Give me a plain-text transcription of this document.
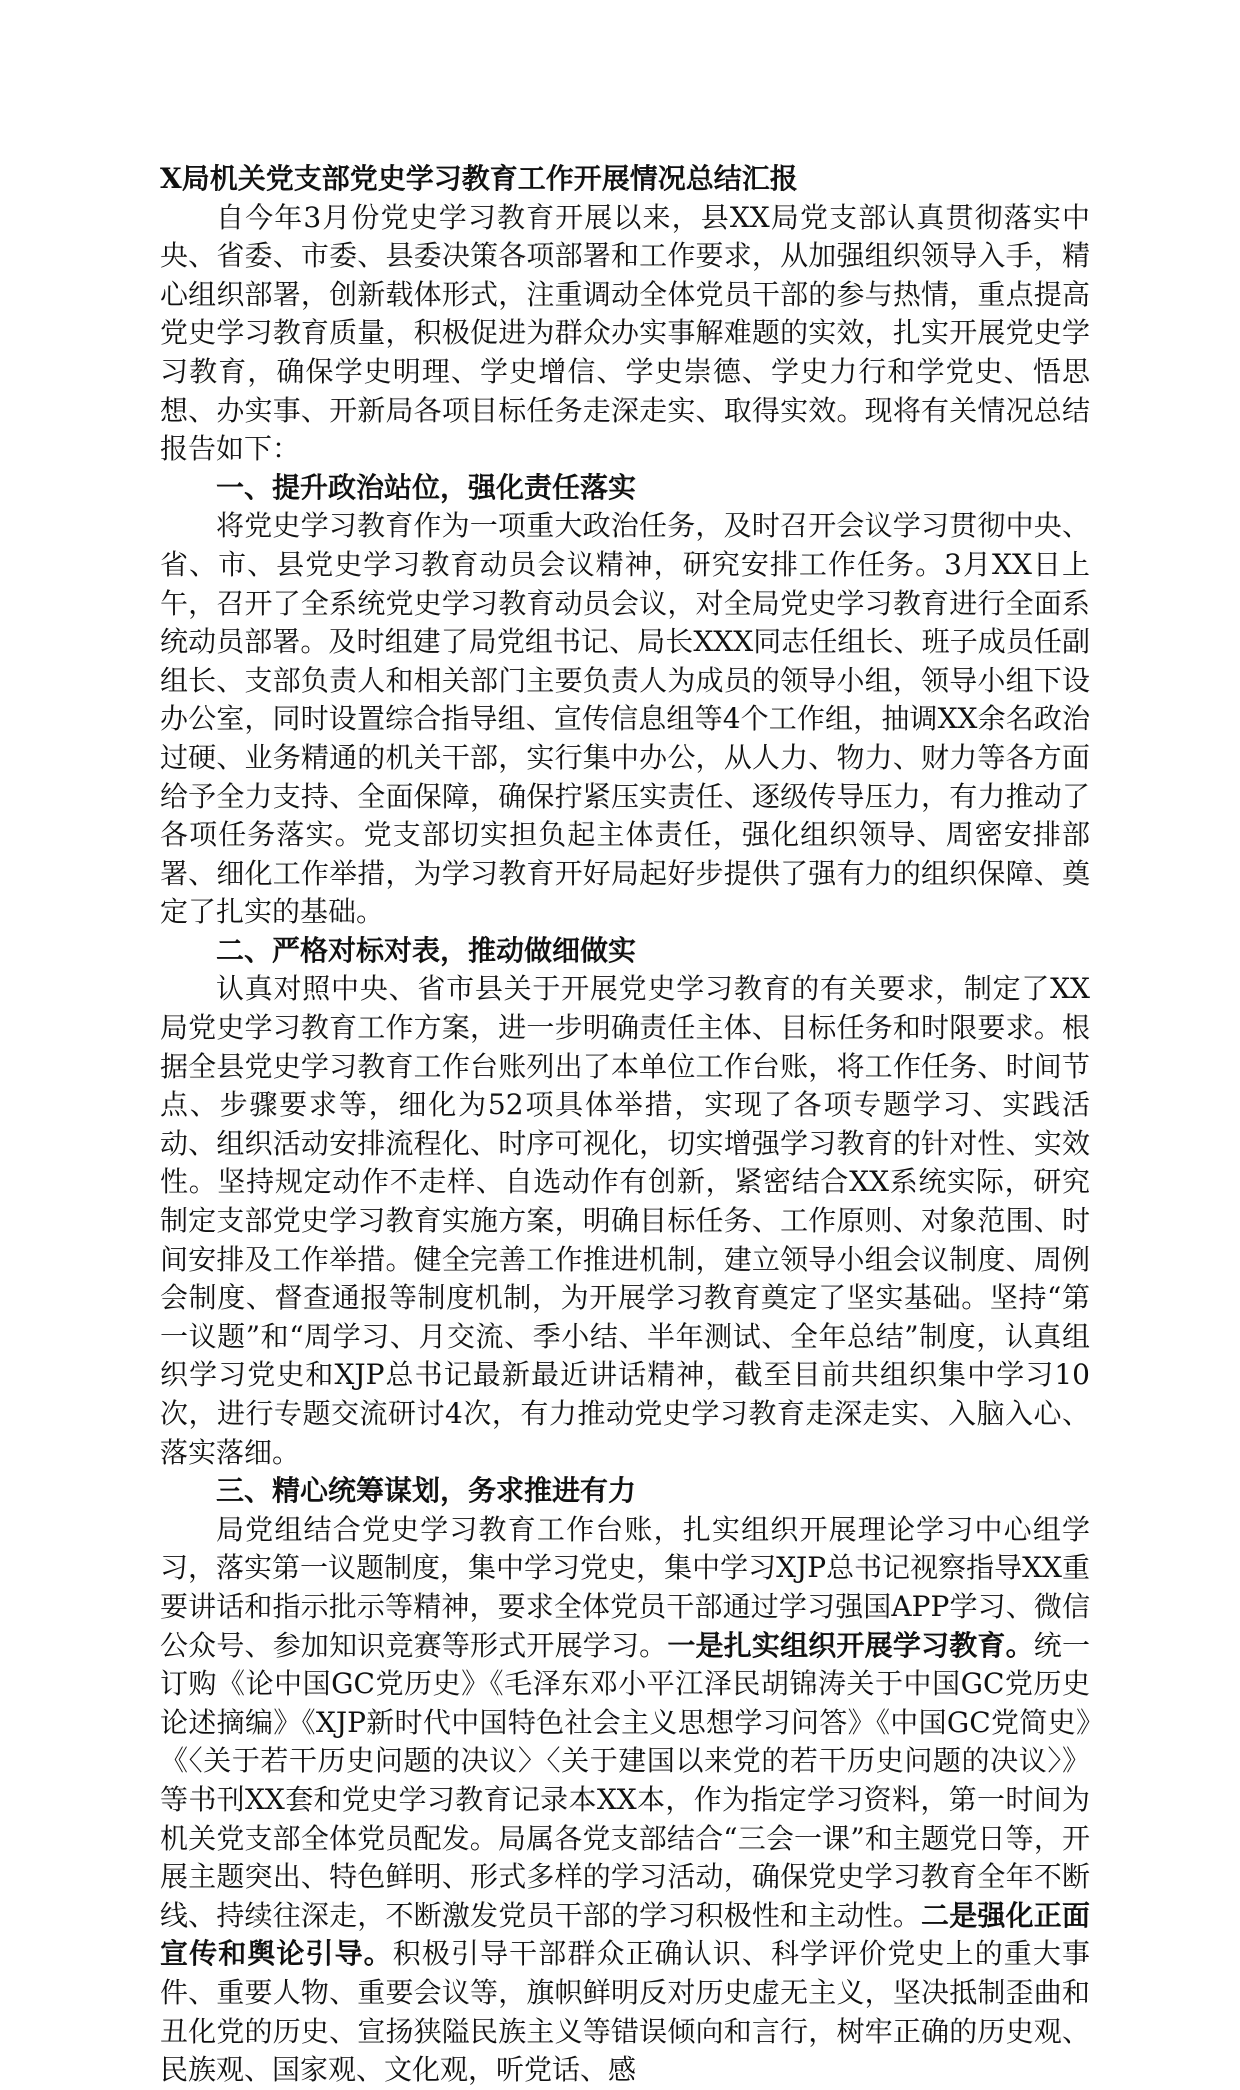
X局机关党支部党史学习教育工作开展情况总结汇报

自今年3月份党史学习教育开展以来，县XX局党支部认真贯彻落实中央、省委、市委、县委决策各项部署和工作要求，从加强组织领导入手，精心组织部署，创新载体形式，注重调动全体党员干部的参与热情，重点提高党史学习教育质量，积极促进为群众办实事解难题的实效，扎实开展党史学习教育，确保学史明理、学史增信、学史崇德、学史力行和学党史、悟思想、办实事、开新局各项目标任务走深走实、取得实效。现将有关情况总结报告如下：

一、提升政治站位，强化责任落实

将党史学习教育作为一项重大政治任务，及时召开会议学习贯彻中央、省、市、县党史学习教育动员会议精神，研究安排工作任务。3月XX日上午，召开了全系统党史学习教育动员会议，对全局党史学习教育进行全面系统动员部署。及时组建了局党组书记、局长XXX同志任组长、班子成员任副组长、支部负责人和相关部门主要负责人为成员的领导小组，领导小组下设办公室，同时设置综合指导组、宣传信息组等4个工作组，抽调XX余名政治过硬、业务精通的机关干部，实行集中办公，从人力、物力、财力等各方面给予全力支持、全面保障，确保拧紧压实责任、逐级传导压力，有力推动了各项任务落实。党支部切实担负起主体责任，强化组织领导、周密安排部署、细化工作举措，为学习教育开好局起好步提供了强有力的组织保障、奠定了扎实的基础。

二、严格对标对表，推动做细做实

认真对照中央、省市县关于开展党史学习教育的有关要求，制定了XX局党史学习教育工作方案，进一步明确责任主体、目标任务和时限要求。根据全县党史学习教育工作台账列出了本单位工作台账，将工作任务、时间节点、步骤要求等，细化为52项具体举措，实现了各项专题学习、实践活动、组织活动安排流程化、时序可视化，切实增强学习教育的针对性、实效性。坚持规定动作不走样、自选动作有创新，紧密结合XX系统实际，研究制定支部党史学习教育实施方案，明确目标任务、工作原则、对象范围、时间安排及工作举措。健全完善工作推进机制，建立领导小组会议制度、周例会制度、督查通报等制度机制，为开展学习教育奠定了坚实基础。坚持“第一议题”和“周学习、月交流、季小结、半年测试、全年总结”制度，认真组织学习党史和XJP总书记最新最近讲话精神，截至目前共组织集中学习10次，进行专题交流研讨4次，有力推动党史学习教育走深走实、入脑入心、落实落细。

三、精心统筹谋划，务求推进有力

局党组结合党史学习教育工作台账，扎实组织开展理论学习中心组学习，落实第一议题制度，集中学习党史，集中学习XJP总书记视察指导XX重要讲话和指示批示等精神，要求全体党员干部通过学习强国APP学习、微信公众号、参加知识竞赛等形式开展学习。一是扎实组织开展学习教育。统一订购《论中国GC党历史》《毛泽东邓小平江泽民胡锦涛关于中国GC党历史论述摘编》《XJP新时代中国特色社会主义思想学习问答》《中国GC党简史》《〈关于若干历史问题的决议〉〈关于建国以来党的若干历史问题的决议〉》等书刊XX套和党史学习教育记录本XX本，作为指定学习资料，第一时间为机关党支部全体党员配发。局属各党支部结合“三会一课”和主题党日等，开展主题突出、特色鲜明、形式多样的学习活动，确保党史学习教育全年不断线、持续往深走，不断激发党员干部的学习积极性和主动性。二是强化正面宣传和舆论引导。积极引导干部群众正确认识、科学评价党史上的重大事件、重要人物、重要会议等，旗帜鲜明反对历史虚无主义，坚决抵制歪曲和丑化党的历史、宣扬狭隘民族主义等错误倾向和言行，树牢正确的历史观、民族观、国家观、文化观，听党话、感
